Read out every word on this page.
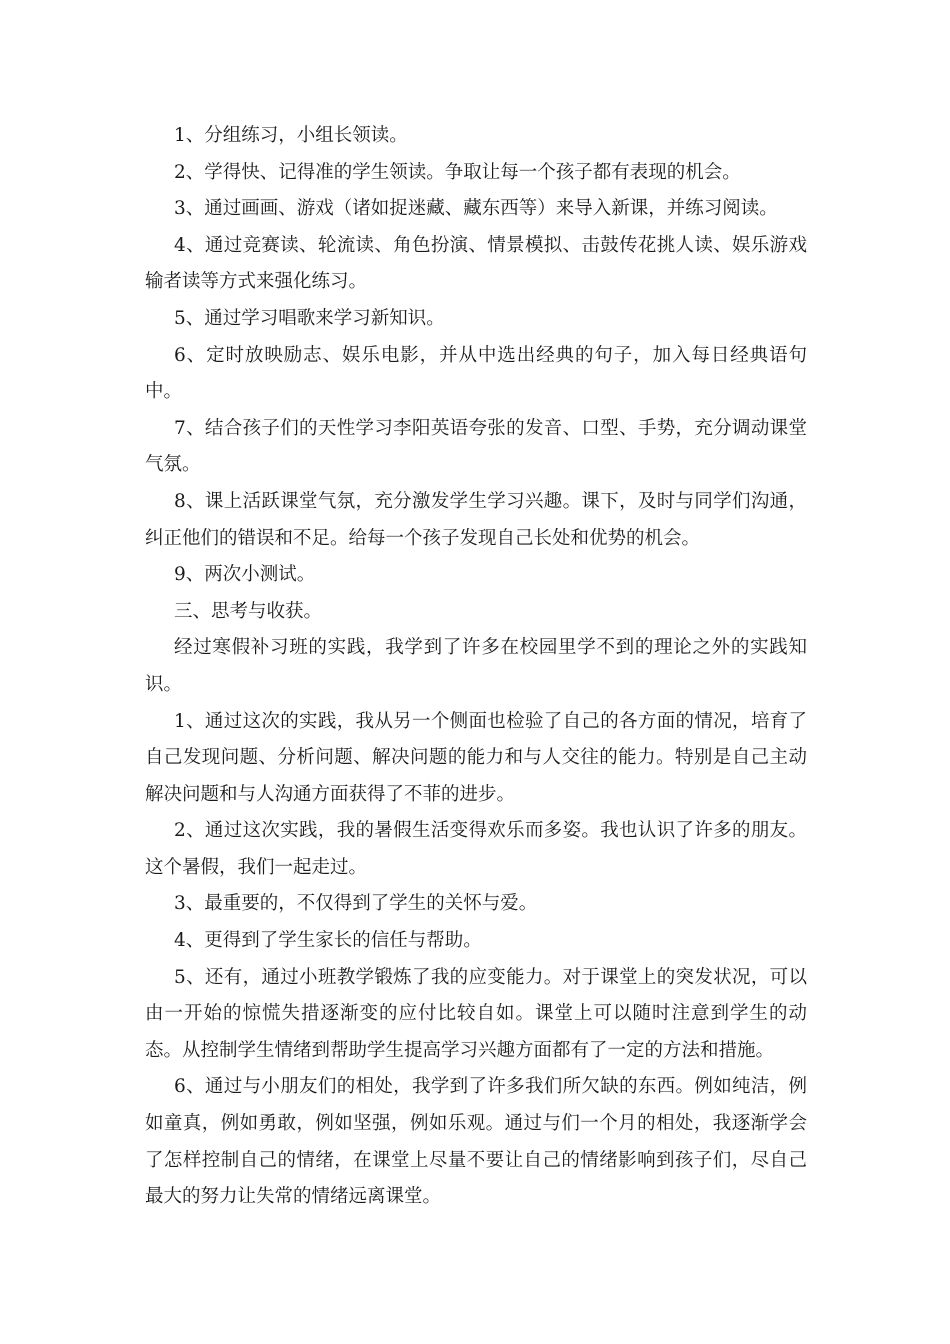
1、分组练习，小组长领读。

2、学得快、记得准的学生领读。争取让每一个孩子都有表现的机会。

3、通过画画、游戏（诸如捉迷藏、藏东西等）来导入新课，并练习阅读。

4、通过竞赛读、轮流读、角色扮演、情景模拟、击鼓传花挑人读、娱乐游戏输者读等方式来强化练习。

5、通过学习唱歌来学习新知识。

6、定时放映励志、娱乐电影，并从中选出经典的句子，加入每日经典语句中。

7、结合孩子们的天性学习李阳英语夸张的发音、口型、手势，充分调动课堂气氛。

8、课上活跃课堂气氛，充分激发学生学习兴趣。课下，及时与同学们沟通，纠正他们的错误和不足。给每一个孩子发现自己长处和优势的机会。

9、两次小测试。

三、思考与收获。

经过寒假补习班的实践，我学到了许多在校园里学不到的理论之外的实践知识。

1、通过这次的实践，我从另一个侧面也检验了自己的各方面的情况，培育了自己发现问题、分析问题、解决问题的能力和与人交往的能力。特别是自己主动解决问题和与人沟通方面获得了不菲的进步。

2、通过这次实践，我的暑假生活变得欢乐而多姿。我也认识了许多的朋友。这个暑假，我们一起走过。

3、最重要的，不仅得到了学生的关怀与爱。

4、更得到了学生家长的信任与帮助。

5、还有，通过小班教学锻炼了我的应变能力。对于课堂上的突发状况，可以由一开始的惊慌失措逐渐变的应付比较自如。课堂上可以随时注意到学生的动态。从控制学生情绪到帮助学生提高学习兴趣方面都有了一定的方法和措施。

6、通过与小朋友们的相处，我学到了许多我们所欠缺的东西。例如纯洁，例如童真，例如勇敢，例如坚强，例如乐观。通过与们一个月的相处，我逐渐学会了怎样控制自己的情绪，在课堂上尽量不要让自己的情绪影响到孩子们，尽自己最大的努力让失常的情绪远离课堂。
